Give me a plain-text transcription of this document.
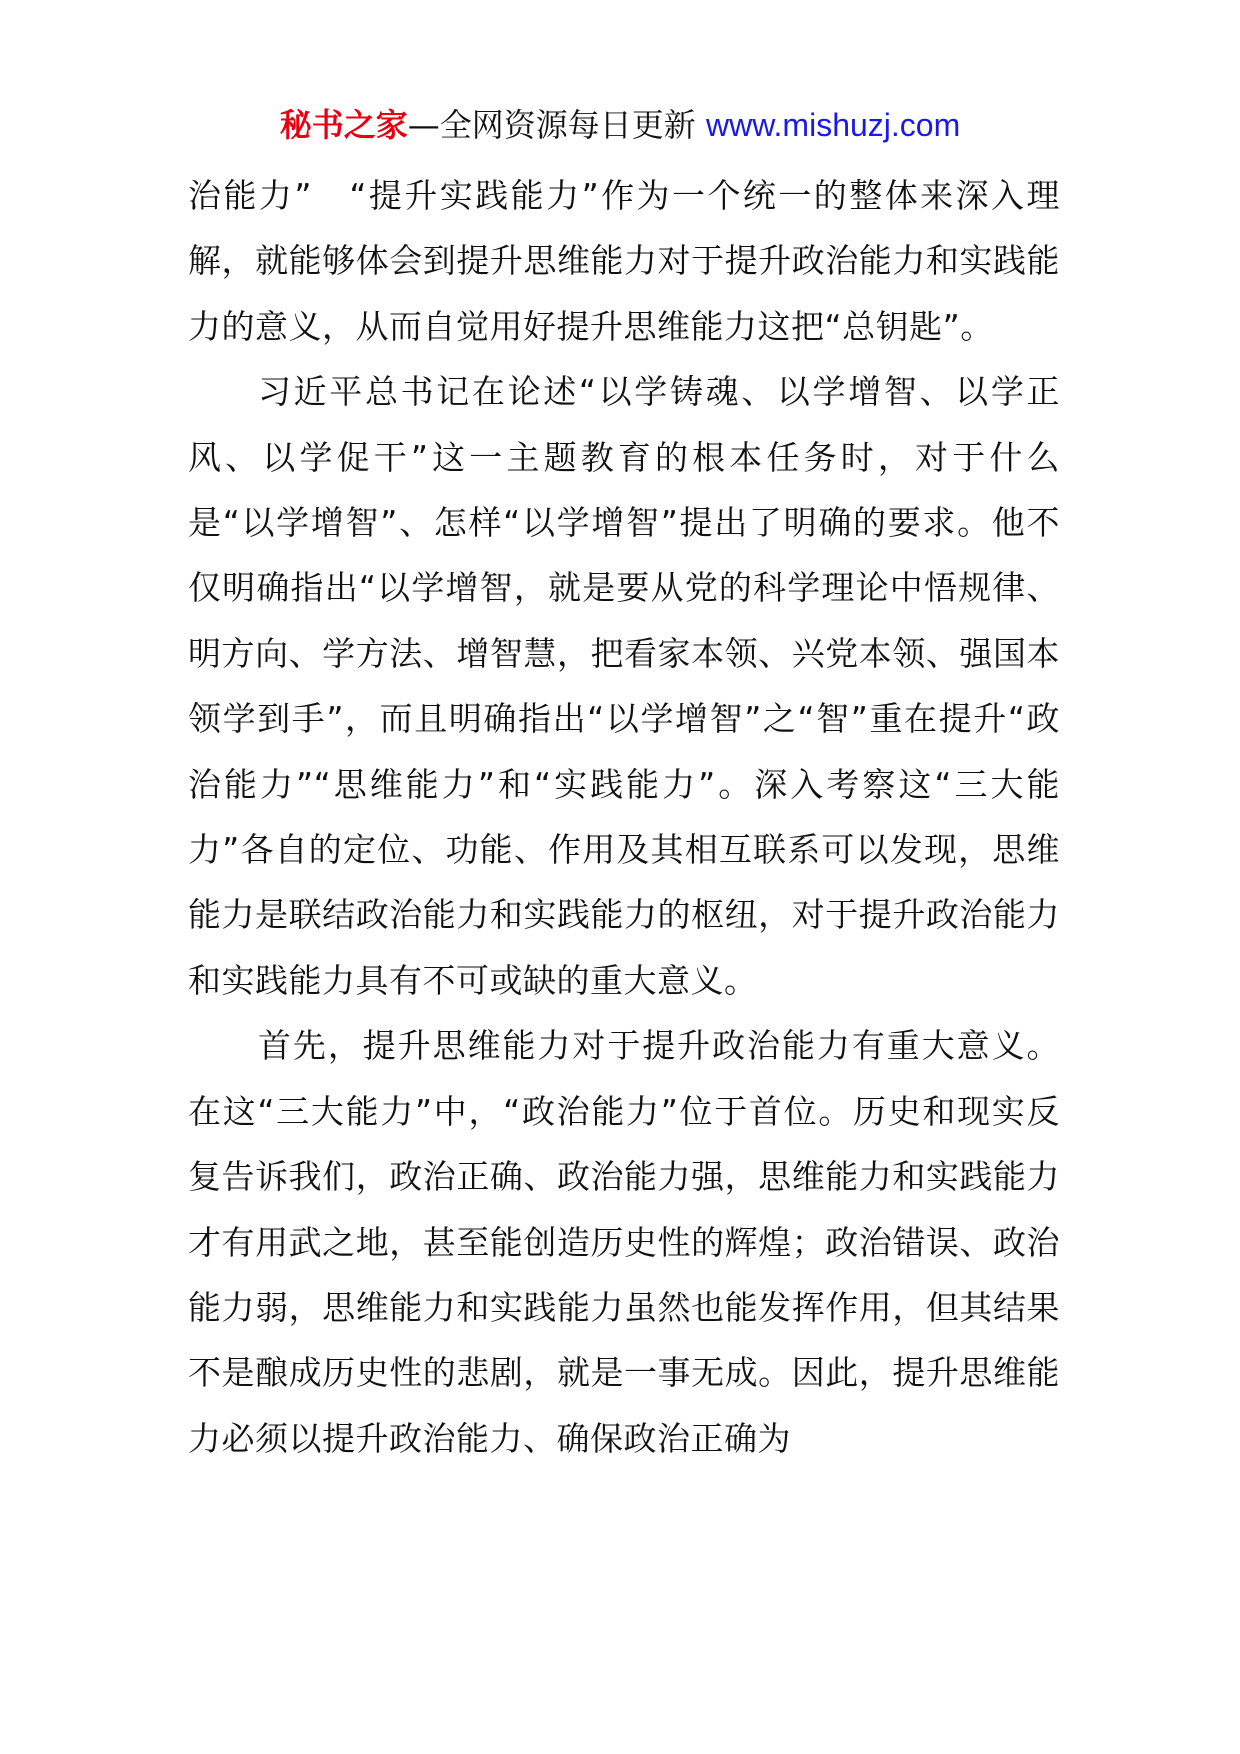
秘书之家—全网资源每日更新 www.mishuzj.com

治能力”　“提升实践能力”作为一个统一的整体来深入理解，就能够体会到提升思维能力对于提升政治能力和实践能力的意义，从而自觉用好提升思维能力这把“总钥匙”。

习近平总书记在论述“以学铸魂、以学增智、以学正风、以学促干”这一主题教育的根本任务时，对于什么是“以学增智”、怎样“以学增智”提出了明确的要求。他不仅明确指出“以学增智，就是要从党的科学理论中悟规律、明方向、学方法、增智慧，把看家本领、兴党本领、强国本领学到手”，而且明确指出“以学增智”之“智”重在提升“政治能力”“思维能力”和“实践能力”。深入考察这“三大能力”各自的定位、功能、作用及其相互联系可以发现，思维能力是联结政治能力和实践能力的枢纽，对于提升政治能力和实践能力具有不可或缺的重大意义。

首先，提升思维能力对于提升政治能力有重大意义。在这“三大能力”中，“政治能力”位于首位。历史和现实反复告诉我们，政治正确、政治能力强，思维能力和实践能力才有用武之地，甚至能创造历史性的辉煌；政治错误、政治能力弱，思维能力和实践能力虽然也能发挥作用，但其结果不是酿成历史性的悲剧，就是一事无成。因此，提升思维能力必须以提升政治能力、确保政治正确为
